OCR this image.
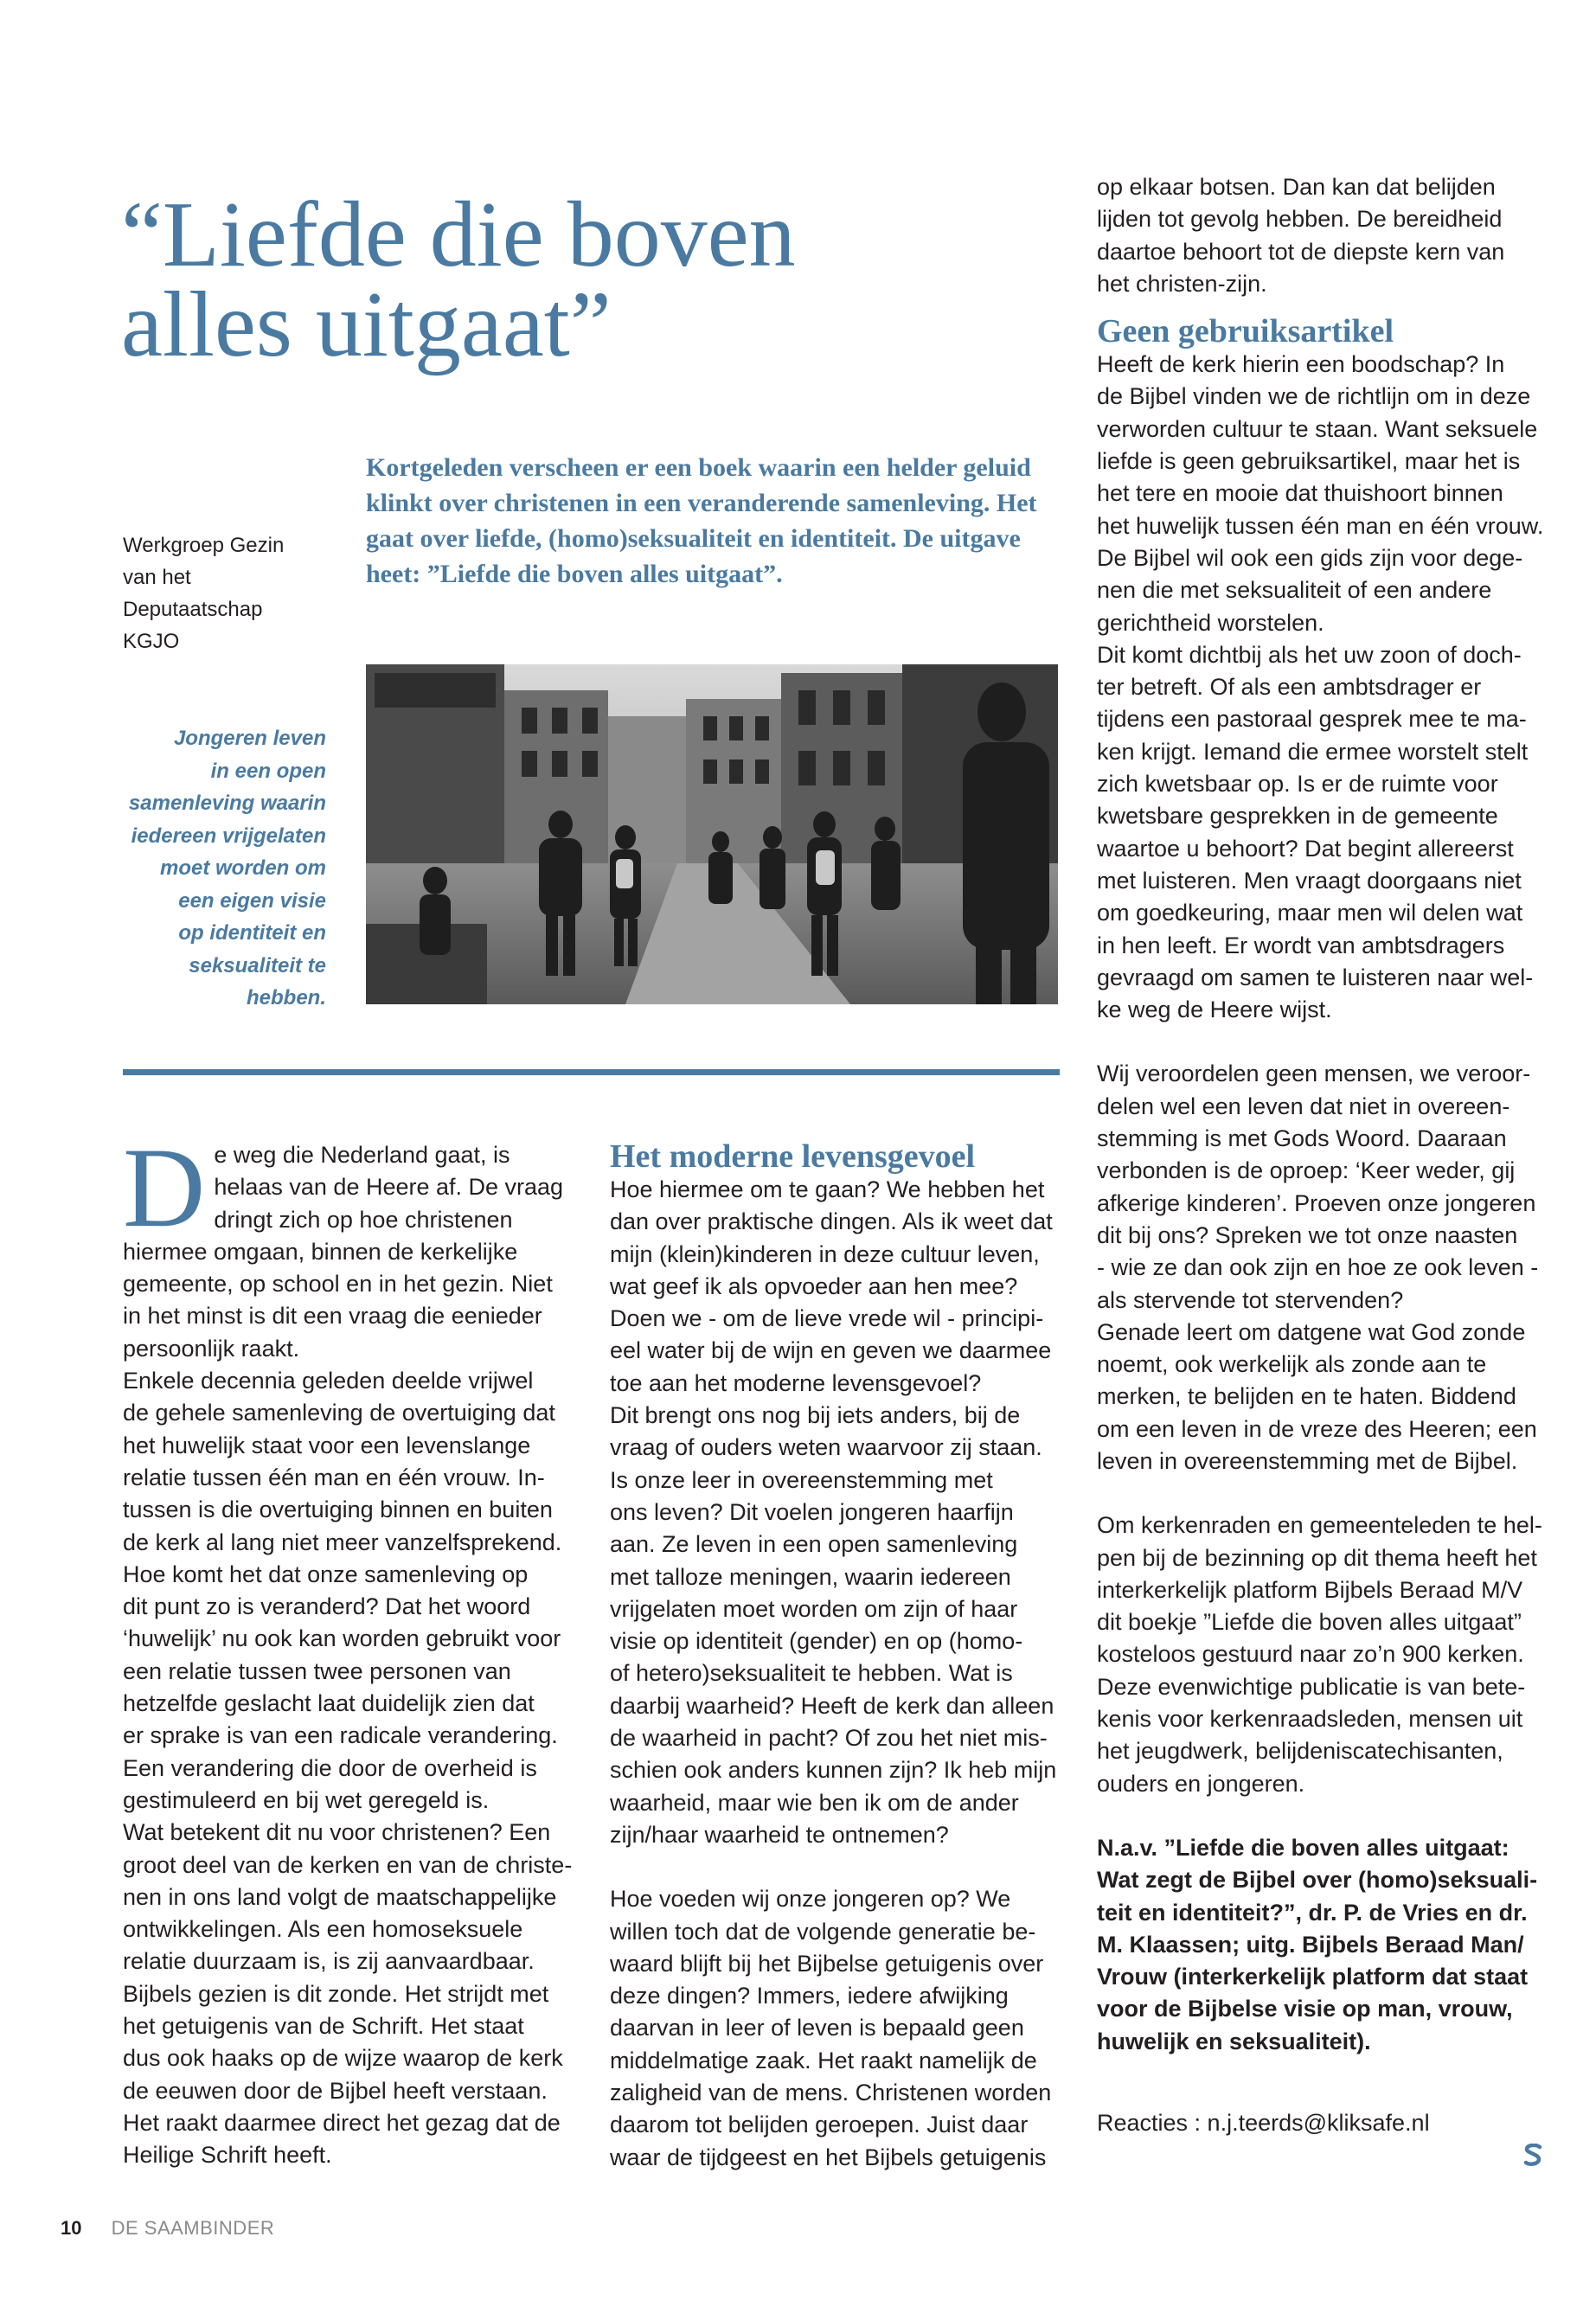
“Liefde die boven
alles uitgaat”
Kortgeleden verscheen er een boek waarin een helder geluid klinkt over christenen in een veranderende samenleving. Het gaat over liefde, (homo)seksualiteit en identiteit. De uitgave heet: ”Liefde die boven alles uitgaat”.
Werkgroep Gezin
van het
Deputaatschap KGJO
Jongeren leven
in een open
samenleving waarin
iedereen vrijgelaten
moet worden om
een eigen visie
op identiteit en
seksualiteit te
hebben.
D e weg die Nederland gaat, is

helaas van de Heere af. De vraag

dringt zich op hoe christenen

hiermee omgaan, binnen de kerkelijke

gemeente, op school en in het gezin. Niet

in het minst is dit een vraag die eenieder

persoonlijk raakt.

Enkele decennia geleden deelde vrijwel

de gehele samenleving de overtuiging dat

het huwelijk staat voor een levenslange

relatie tussen één man en één vrouw. In-

tussen is die overtuiging binnen en buiten

de kerk al lang niet meer vanzelfsprekend.

Hoe komt het dat onze samenleving op

dit punt zo is veranderd? Dat het woord

‘huwelijk’ nu ook kan worden gebruikt voor

een relatie tussen twee personen van

hetzelfde geslacht laat duidelijk zien dat

er sprake is van een radicale verandering.

Een verandering die door de overheid is

gestimuleerd en bij wet geregeld is.

Wat betekent dit nu voor christenen? Een

groot deel van de kerken en van de christe-

nen in ons land volgt de maatschappelijke

ontwikkelingen. Als een homoseksuele

relatie duurzaam is, is zij aanvaardbaar.

Bijbels gezien is dit zonde. Het strijdt met

het getuigenis van de Schrift. Het staat

dus ook haaks op de wijze waarop de kerk

de eeuwen door de Bijbel heeft verstaan.

Het raakt daarmee direct het gezag dat de

Heilige Schrift heeft.

Het moderne levensgevoel

Hoe hiermee om te gaan? We hebben het

dan over praktische dingen. Als ik weet dat

mijn (klein)kinderen in deze cultuur leven,

wat geef ik als opvoeder aan hen mee?

Doen we - om de lieve vrede wil - principi-

eel water bij de wijn en geven we daarmee

toe aan het moderne levensgevoel?

Dit brengt ons nog bij iets anders, bij de

vraag of ouders weten waarvoor zij staan.

Is onze leer in overeenstemming met

ons leven? Dit voelen jongeren haarfijn

aan. Ze leven in een open samenleving

met talloze meningen, waarin iedereen

vrijgelaten moet worden om zijn of haar

visie op identiteit (gender) en op (homo-

of hetero)seksualiteit te hebben. Wat is

daarbij waarheid? Heeft de kerk dan alleen

de waarheid in pacht? Of zou het niet mis-

schien ook anders kunnen zijn? Ik heb mijn

waarheid, maar wie ben ik om de ander

zijn/haar waarheid te ontnemen?

Hoe voeden wij onze jongeren op? We

willen toch dat de volgende generatie be-

waard blijft bij het Bijbelse getuigenis over

deze dingen? Immers, iedere afwijking

daarvan in leer of leven is bepaald geen

middelmatige zaak. Het raakt namelijk de

zaligheid van de mens. Christenen worden

daarom tot belijden geroepen. Juist daar

waar de tijdgeest en het Bijbels getuigenis

op elkaar botsen. Dan kan dat belijden

lijden tot gevolg hebben. De bereidheid

daartoe behoort tot de diepste kern van

het christen-zijn.

Geen gebruiksartikel

Heeft de kerk hierin een boodschap? In

de Bijbel vinden we de richtlijn om in deze

verworden cultuur te staan. Want seksuele

liefde is geen gebruiksartikel, maar het is

het tere en mooie dat thuishoort binnen

het huwelijk tussen één man en één vrouw.

De Bijbel wil ook een gids zijn voor dege-

nen die met seksualiteit of een andere

gerichtheid worstelen.

Dit komt dichtbij als het uw zoon of doch-

ter betreft. Of als een ambtsdrager er

tijdens een pastoraal gesprek mee te ma-

ken krijgt. Iemand die ermee worstelt stelt

zich kwetsbaar op. Is er de ruimte voor

kwetsbare gesprekken in de gemeente

waartoe u behoort? Dat begint allereerst

met luisteren. Men vraagt doorgaans niet

om goedkeuring, maar men wil delen wat

in hen leeft. Er wordt van ambtsdragers

gevraagd om samen te luisteren naar wel-

ke weg de Heere wijst.

Wij veroordelen geen mensen, we veroor-

delen wel een leven dat niet in overeen-

stemming is met Gods Woord. Daaraan

verbonden is de oproep: ‘Keer weder, gij

afkerige kinderen’. Proeven onze jongeren

dit bij ons? Spreken we tot onze naasten

- wie ze dan ook zijn en hoe ze ook leven -

als stervende tot stervenden?

Genade leert om datgene wat God zonde

noemt, ook werkelijk als zonde aan te

merken, te belijden en te haten. Biddend

om een leven in de vreze des Heeren; een

leven in overeenstemming met de Bijbel.

Om kerkenraden en gemeenteleden te hel-

pen bij de bezinning op dit thema heeft het

interkerkelijk platform Bijbels Beraad M/V

dit boekje ”Liefde die boven alles uitgaat”

kosteloos gestuurd naar zo’n 900 kerken.

Deze evenwichtige publicatie is van bete-

kenis voor kerkenraadsleden, mensen uit

het jeugdwerk, belijdeniscatechisanten,

ouders en jongeren.

N.a.v. ”Liefde die boven alles uitgaat:

Wat zegt de Bijbel over (homo)seksuali-

teit en identiteit?”, dr. P. de Vries en dr.

M. Klaassen; uitg. Bijbels Beraad Man/

Vrouw (interkerkelijk platform dat staat

voor de Bijbelse visie op man, vrouw,

huwelijk en seksualiteit).

Reacties : n.j.teerds@kliksafe.nl

10 DE SAAMBINDER
